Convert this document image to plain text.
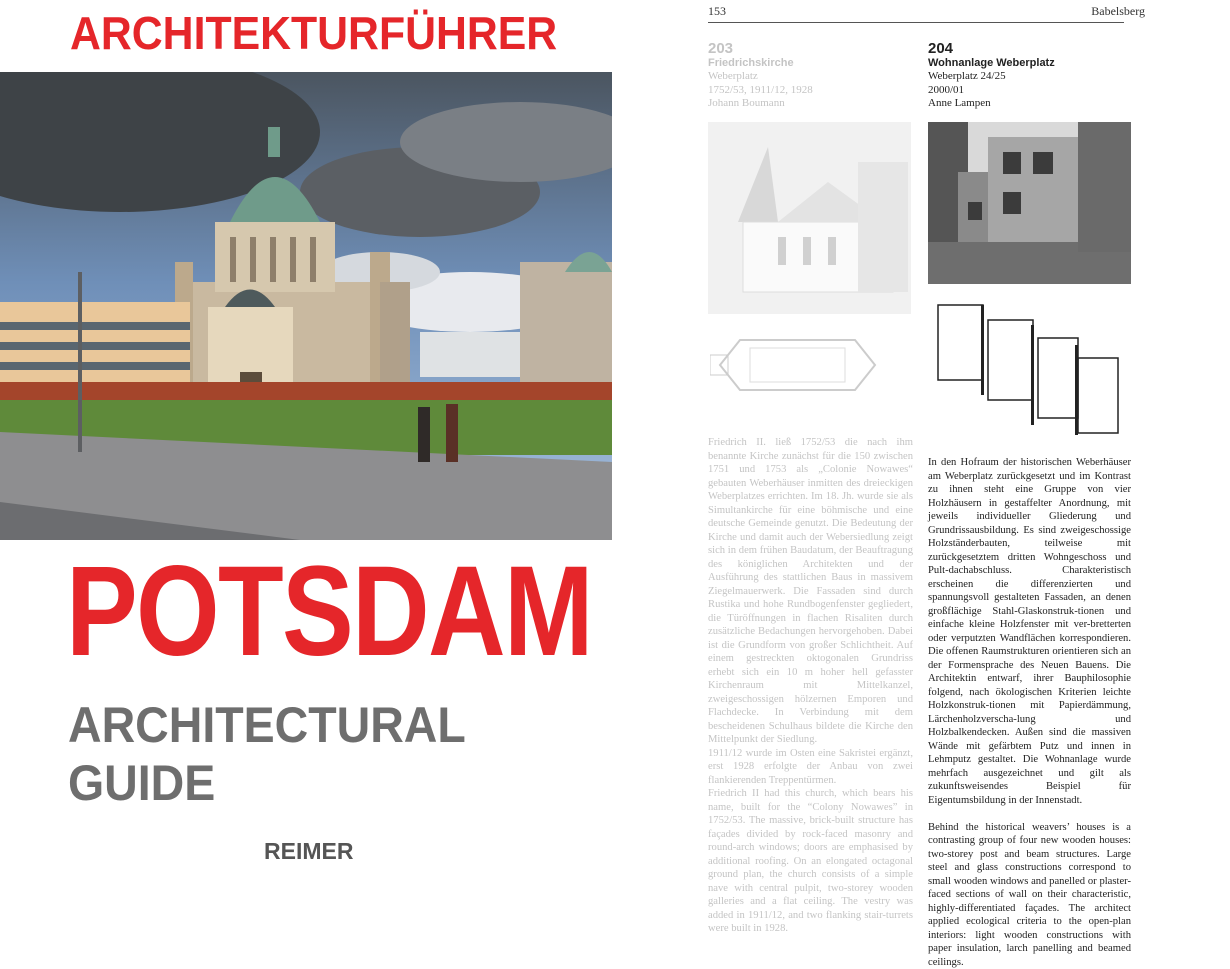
ARCHITEKTURFÜHRER
POTSDAM
ARCHITECTURAL GUIDE
REIMER
153	Babelsberg
203
Friedrichskirche
Weberplatz
1752/53, 1911/12, 1928
Johann Boumann

Friedrich II. ließ 1752/53 die nach ihm benannte Kirche zunächst für die 150 zwischen 1751 und 1753 als „Colonie Nowawes“ gebauten Weberhäuser inmitten des dreieckigen Weberplatzes errichten. Im 18. Jh. wurde sie als Simultankirche für eine böhmische und eine deutsche Gemeinde genutzt. Die Bedeutung der Kirche und damit auch der Webersiedlung zeigt sich in dem frühen Baudatum, der Beauftragung des königlichen Architekten und der Ausführung des stattlichen Baus in massivem Ziegelmauerwerk. Die Fassaden sind durch Rustika und hohe Rundbogenfenster gegliedert, die Türöffnungen in flachen Risaliten durch zusätzliche Bedachungen hervorgehoben. Dabei ist die Grundform von großer Schlichtheit. Auf einem gestreckten oktogonalen Grundriss erhebt sich ein 10 m hoher hell gefasster Kirchenraum mit Mittelkanzel, zweigeschossigen hölzernen Emporen und Flachdecke. In Verbindung mit dem bescheidenen Schulhaus bildete die Kirche den Mittelpunkt der Siedlung.

1911/12 wurde im Osten eine Sakristei ergänzt, erst 1928 erfolgte der Anbau von zwei flankierenden Treppentürmen.

Friedrich II had this church, which bears his name, built for the “Colony Nowawes” in 1752/53. The massive, brick-built structure has façades divided by rock-faced masonry and round-arch windows; doors are emphasised by additional roofing. On an elongated octagonal ground plan, the church consists of a simple nave with central pulpit, two-storey wooden galleries and a flat ceiling. The vestry was added in 1911/12, and two flanking stair-turrets were built in 1928.

204
Wohnanlage Weberplatz
Weberplatz 24/25
2000/01
Anne Lampen

In den Hofraum der historischen Weberhäuser am Weberplatz zurückgesetzt und im Kontrast zu ihnen steht eine Gruppe von vier Holzhäusern in gestaffelter Anordnung, mit jeweils individueller Gliederung und Grundrissausbildung. Es sind zweigeschossige Holzständerbauten, teilweise mit zurückgesetztem dritten Wohngeschoss und Pult-dachabschluss. Charakteristisch erscheinen die differenzierten und spannungsvoll gestalteten Fassaden, an denen großflächige Stahl-Glaskonstruk-tionen und einfache kleine Holzfenster mit ver-bretterten oder verputzten Wandflächen korrespondieren. Die offenen Raumstrukturen orientieren sich an der Formensprache des Neuen Bauens. Die Architektin entwarf, ihrer Bauphilosophie folgend, nach ökologischen Kriterien leichte Holzkonstruk-tionen mit Papierdämmung, Lärchenholzverscha-lung und Holzbalkendecken. Außen sind die massiven Wände mit gefärbtem Putz und innen in Lehmputz gestaltet. Die Wohnanlage wurde mehrfach ausgezeichnet und gilt als zukunftsweisendes Beispiel für Eigentumsbildung in der Innenstadt.

Behind the historical weavers’ houses is a contrasting group of four new wooden houses: two-storey post and beam structures. Large steel and glass constructions correspond to small wooden windows and panelled or plaster-faced sections of wall on their characteristic, highly-differentiated façades. The architect applied ecological criteria to the open-plan interiors: light wooden constructions with paper insulation, larch panelling and beamed ceilings.
